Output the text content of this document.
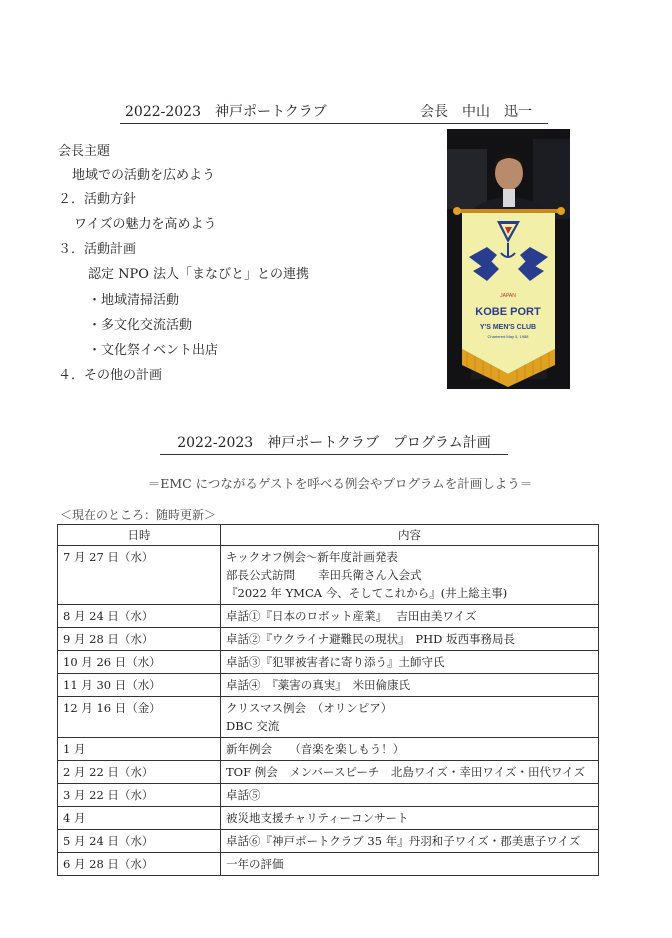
2022-2023　神戸ポートクラブ	会長　中山　迅一
会長主題
地域での活動を広めよう
２．活動方針
ワイズの魅力を高めよう
３．活動計画
認定 NPO 法人「まなびと」との連携
・地域清掃活動
・多文化交流活動
・文化祭イベント出店
４．その他の計画
JAPAN
KOBE PORT
Y'S MEN'S CLUB
Chartered May 5, 1988
2022-2023　神戸ポートクラブ　プログラム計画
＝EMC につながるゲストを呼べる例会やプログラムを計画しよう＝
＜現在のところ：随時更新＞
日時	内容
7 月 27 日（水）	キックオフ例会～新年度計画発表
部長公式訪問　　幸田兵衛さん入会式
『2022 年 YMCA 今、そしてこれから』(井上総主事)

8 月 24 日（水）	卓話①『日本のロボット産業』　 吉田由美ワイズ

9 月 28 日（水）	卓話②『ウクライナ避難民の現状』　PHD 坂西事務局長

10 月 26 日（水）	卓話③『犯罪被害者に寄り添う』土師守氏

11 月 30 日（水）	卓話④　『薬害の真実』　米田倫康氏

12 月 16 日（金）	クリスマス例会　（オリンピア）
DBC 交流

1 月	新年例会　　（音楽を楽しもう！）

2 月 22 日（水）	TOF 例会　メンバースピーチ　北島ワイズ・幸田ワイズ・田代ワイズ

3 月 22 日（水）	卓話⑤

4 月	被災地支援チャリティーコンサート

5 月 24 日（水）	卓話⑥『神戸ポートクラブ 35 年』丹羽和子ワイズ・郡美恵子ワイズ

6 月 28 日（水）	一年の評価
